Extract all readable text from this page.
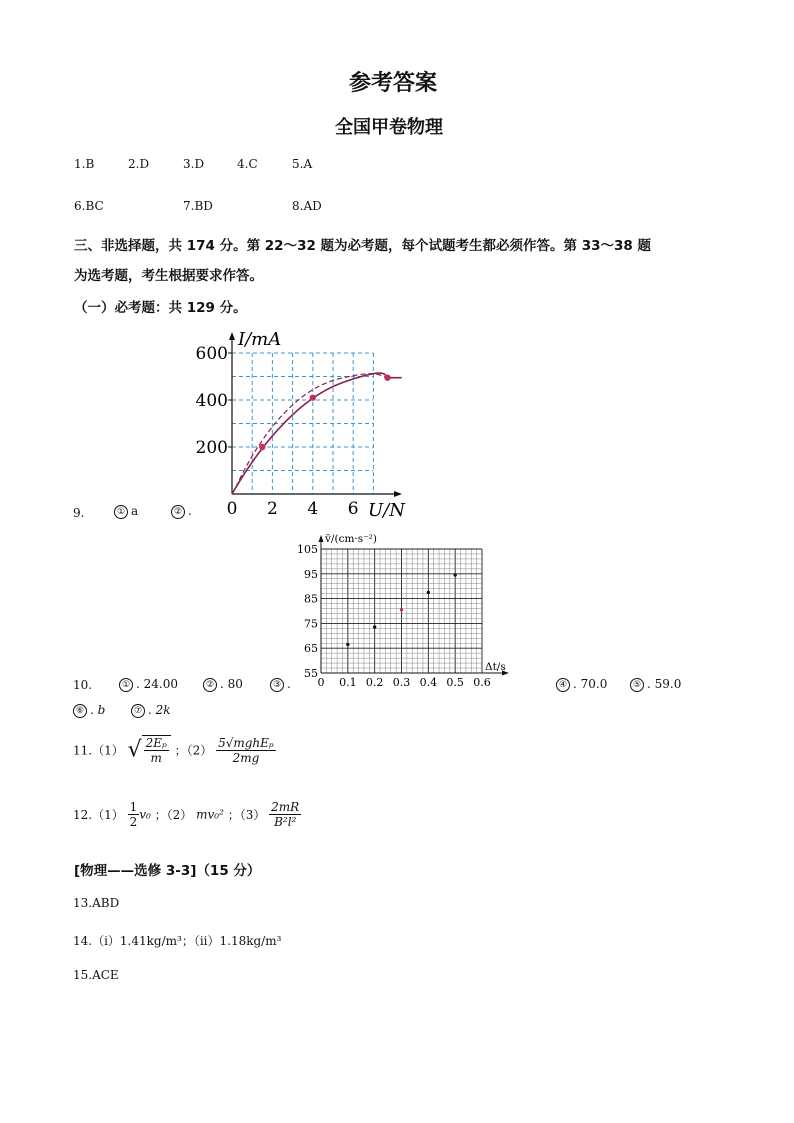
参考答案
全国甲卷物理
1.B	2.D	3.D	4.C	5.A
6.BC	7.BD	8.AD
三、非选择题，共 174 分。第 22～32 题为必考题，每个试题考生都必须作答。第 33～38 题
为选考题，考生根据要求作答。
（一）必考题：共 129 分。
9.	① a	② . 0 2 4 6
200
400
600
I/mA
U/N
0 0.1 0.2 0.3 0.4 0.5 0.6
55
65
75
85
95
105
v̄/(cm·s⁻²)
Δt/s
10.	① . 24.00	② . 80	③ .	④ . 70.0	⑤ . 59.0
⑥ . b	⑦ . 2k
11.（1） √ $\frac{\text{2Eₚ}}{m}$ ；$(2) \frac{\text{5√mghEₚ}}{2mg}$
$12.(1) \frac{1}{2} v_0$ ；（2） mv₀² ；$(3) \frac{2mR}{\text{B²l²}}$
[物理——选修 3-3]（15 分）
13.ABD
14.（i）1.41kg/m³；（ii）1.18kg/m³
15.ACE
